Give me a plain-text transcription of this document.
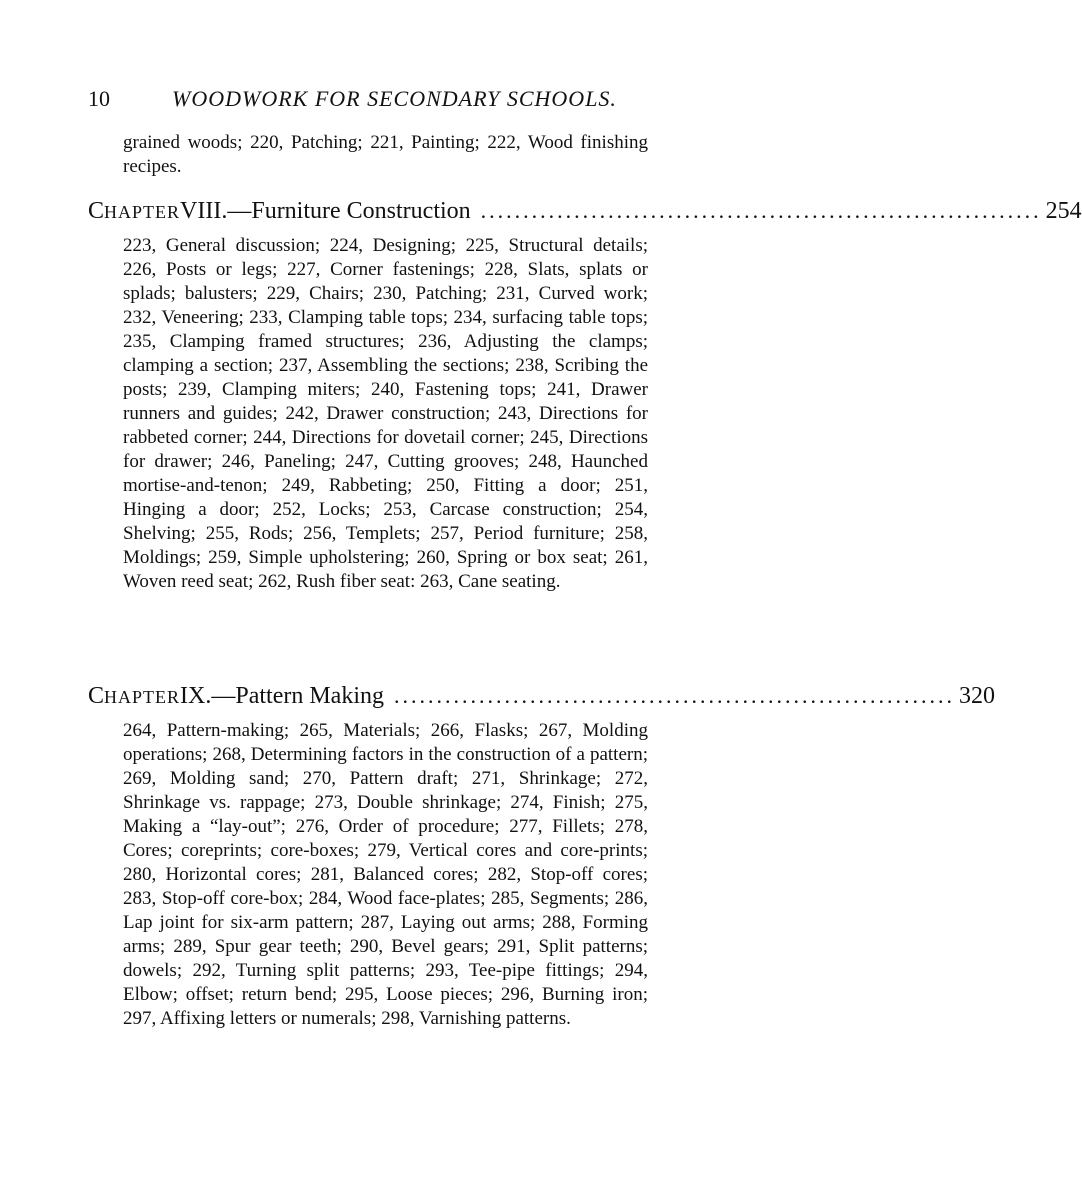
10	WOODWORK FOR SECONDARY SCHOOLS.

grained woods; 220, Patching; 221, Painting; 222, Wood finishing recipes.

CHAPTER VIII. —Furniture Construction .................................................................. 254

223, General discussion; 224, Designing; 225, Structural details; 226, Posts or legs; 227, Corner fastenings; 228, Slats, splats or splads; balusters; 229, Chairs; 230, Patching; 231, Curved work; 232, Veneering; 233, Clamping table tops; 234, surfacing table tops; 235, Clamping framed structures; 236, Adjusting the clamps; clamping a section; 237, Assembling the sections; 238, Scribing the posts; 239, Clamping miters; 240, Fastening tops; 241, Drawer runners and guides; 242, Drawer construction; 243, Directions for rabbeted corner; 244, Directions for dovetail corner; 245, Directions for drawer; 246, Paneling; 247, Cutting grooves; 248, Haunched mortise-and-tenon; 249, Rabbeting; 250, Fitting a door; 251, Hinging a door; 252, Locks; 253, Carcase construction; 254, Shelving; 255, Rods; 256, Templets; 257, Period furniture; 258, Moldings; 259, Simple upholstering; 260, Spring or box seat; 261, Woven reed seat; 262, Rush fiber seat: 263, Cane seating.

CHAPTER IX. —Pattern Making .................................................................. 320

264, Pattern-making; 265, Materials; 266, Flasks; 267, Molding operations; 268, Determining factors in the construction of a pattern; 269, Molding sand; 270, Pattern draft; 271, Shrinkage; 272, Shrinkage vs. rappage; 273, Double shrinkage; 274, Finish; 275, Making a “lay-out”; 276, Order of procedure; 277, Fillets; 278, Cores; coreprints; core-boxes; 279, Vertical cores and core-prints; 280, Horizontal cores; 281, Balanced cores; 282, Stop-off cores; 283, Stop-off core-box; 284, Wood face-plates; 285, Segments; 286, Lap joint for six-arm pattern; 287, Laying out arms; 288, Forming arms; 289, Spur gear teeth; 290, Bevel gears; 291, Split patterns; dowels; 292, Turning split patterns; 293, Tee-pipe fittings; 294, Elbow; offset; return bend; 295, Loose pieces; 296, Burning iron; 297, Affixing letters or numerals; 298, Varnishing patterns.
